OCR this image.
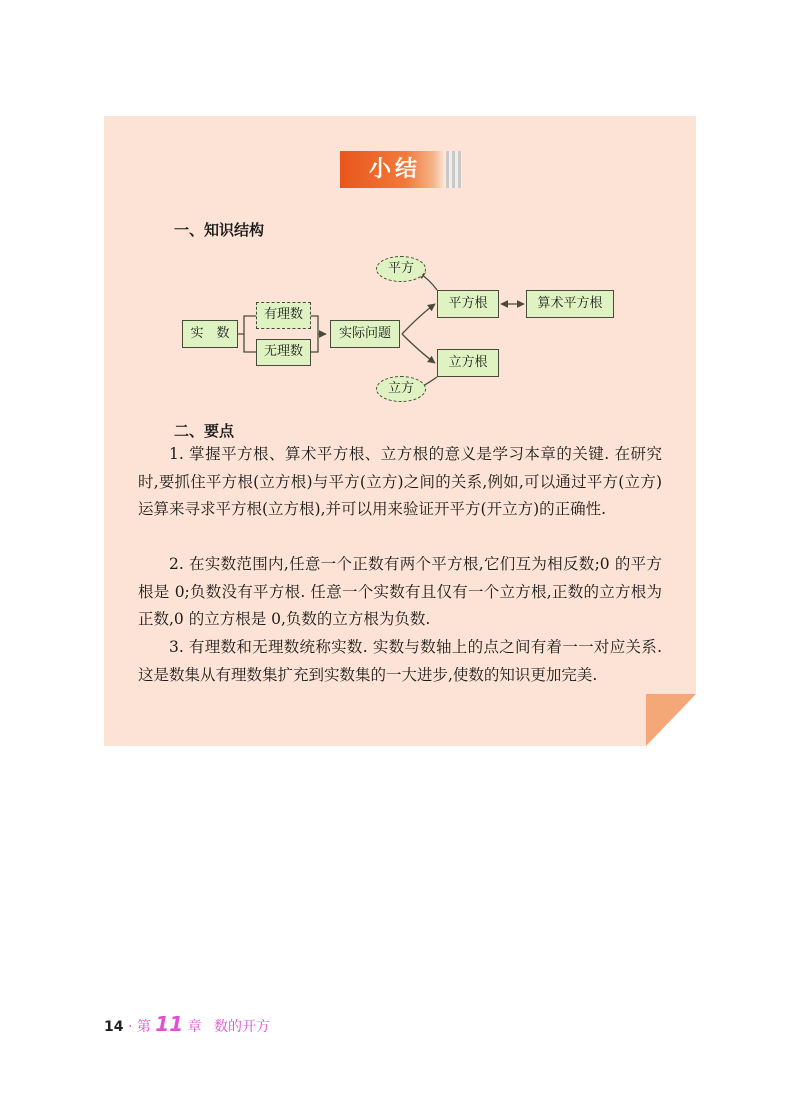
小结
一、知识结构
实　数
有理数
无理数
实际问题
平方根	算术平方根
立方根
平方
立方
二、要点

1. 掌握平方根、算术平方根、立方根的意义是学习本章的关键. 在研究时,要抓住平方根(立方根)与平方(立方)之间的关系,例如,可以通过平方(立方)运算来寻求平方根(立方根),并可以用来验证开平方(开立方)的正确性.

2. 在实数范围内,任意一个正数有两个平方根,它们互为相反数;0 的平方根是 0;负数没有平方根. 任意一个实数有且仅有一个立方根,正数的立方根为正数,0 的立方根是 0,负数的立方根为负数.

3. 有理数和无理数统称实数. 实数与数轴上的点之间有着一一对应关系. 这是数集从有理数集扩充到实数集的一大进步,使数的知识更加完美.

14 · 第 11 章 数的开方
